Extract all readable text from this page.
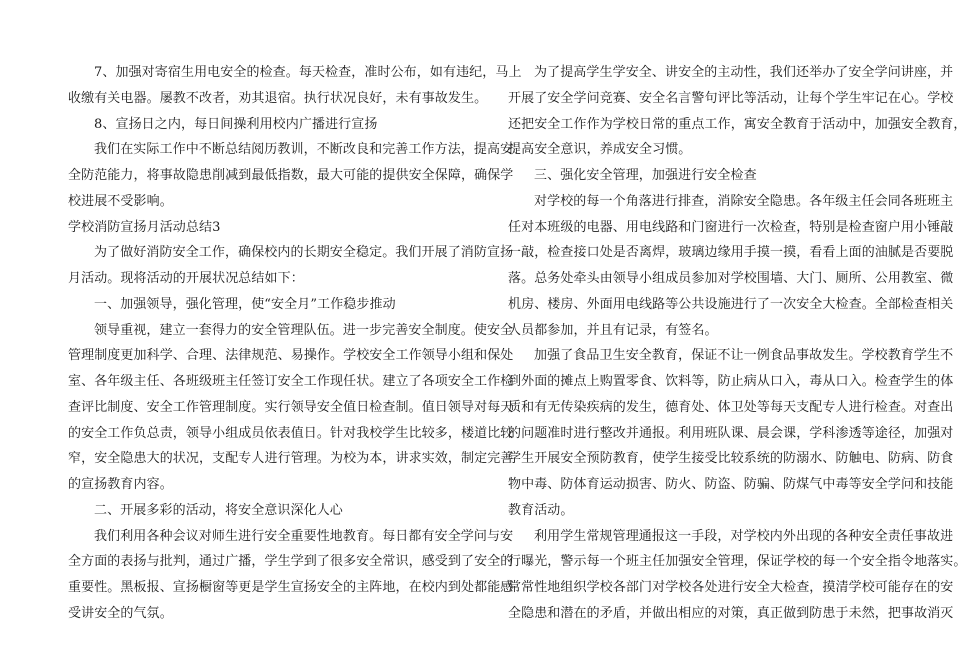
7、加强对寄宿生用电安全的检查。每天检查，准时公布，如有违纪，马上
收缴有关电器。屡教不改者，劝其退宿。执行状况良好，未有事故发生。
8、宣扬日之内，每日间操利用校内广播进行宣扬
我们在实际工作中不断总结阅历教训，不断改良和完善工作方法，提高安
全防范能力，将事故隐患削减到最低指数，最大可能的提供安全保障，确保学
校进展不受影响。
学校消防宣扬月活动总结3
为了做好消防安全工作，确保校内的长期安全稳定。我们开展了消防宣扬
月活动。现将活动的开展状况总结如下：
一、加强领导，强化管理，使“安全月”工作稳步推动
领导重视，建立一套得力的安全管理队伍。进一步完善安全制度。使安全
管理制度更加科学、合理、法律规范、易操作。学校安全工作领导小组和保处
室、各年级主任、各班级班主任签订安全工作现任状。建立了各项安全工作检
查评比制度、安全工作管理制度。实行领导安全值日检查制。值日领导对每天
的安全工作负总责，领导小组成员依表值日。针对我校学生比较多，楼道比较
窄，安全隐患大的状况，支配专人进行管理。为校为本，讲求实效，制定完善
的宣扬教育内容。
二、开展多彩的活动，将安全意识深化人心
我们利用各种会议对师生进行安全重要性地教育。每日都有安全学问与安
全方面的表扬与批判，通过广播，学生学到了很多安全常识，感受到了安全的
重要性。黑板报、宣扬橱窗等更是学生宣扬安全的主阵地，在校内到处都能感
受讲安全的气氛。
为了提高学生学安全、讲安全的主动性，我们还举办了安全学问讲座，并
开展了安全学问竞赛、安全名言警句评比等活动，让每个学生牢记在心。学校
还把安全工作作为学校日常的重点工作，寓安全教育于活动中，加强安全教育，
提高安全意识，养成安全习惯。
三、强化安全管理，加强进行安全检查
对学校的每一个角落进行排查，消除安全隐患。各年级主任会同各班班主
任对本班级的电器、用电线路和门窗进行一次检查，特别是检查窗户用小锤敲
一敲，检查接口处是否离焊，玻璃边缘用手摸一摸，看看上面的油腻是否要脱
落。总务处牵头由领导小组成员参加对学校围墙、大门、厕所、公用教室、微
机房、楼房、外面用电线路等公共设施进行了一次安全大检查。全部检查相关
人员都参加，并且有记录，有签名。
加强了食品卫生安全教育，保证不让一例食品事故发生。学校教育学生不
到外面的摊点上购置零食、饮料等，防止病从口入，毒从口入。检查学生的体
质和有无传染疾病的发生，德育处、体卫处等每天支配专人进行检查。对查出
的问题准时进行整改并通报。利用班队课、晨会课，学科渗透等途径，加强对
学生开展安全预防教育，使学生接受比较系统的防溺水、防触电、防病、防食
物中毒、防体育运动损害、防火、防盗、防骗、防煤气中毒等安全学问和技能
教育活动。
利用学生常规管理通报这一手段，对学校内外出现的各种安全责任事故进
行曝光，警示每一个班主任加强安全管理，保证学校的每一个安全指令地落实。
常常性地组织学校各部门对学校各处进行安全大检查，摸清学校可能存在的安
全隐患和潜在的矛盾，并做出相应的对策，真正做到防患于未然，把事故消灭
